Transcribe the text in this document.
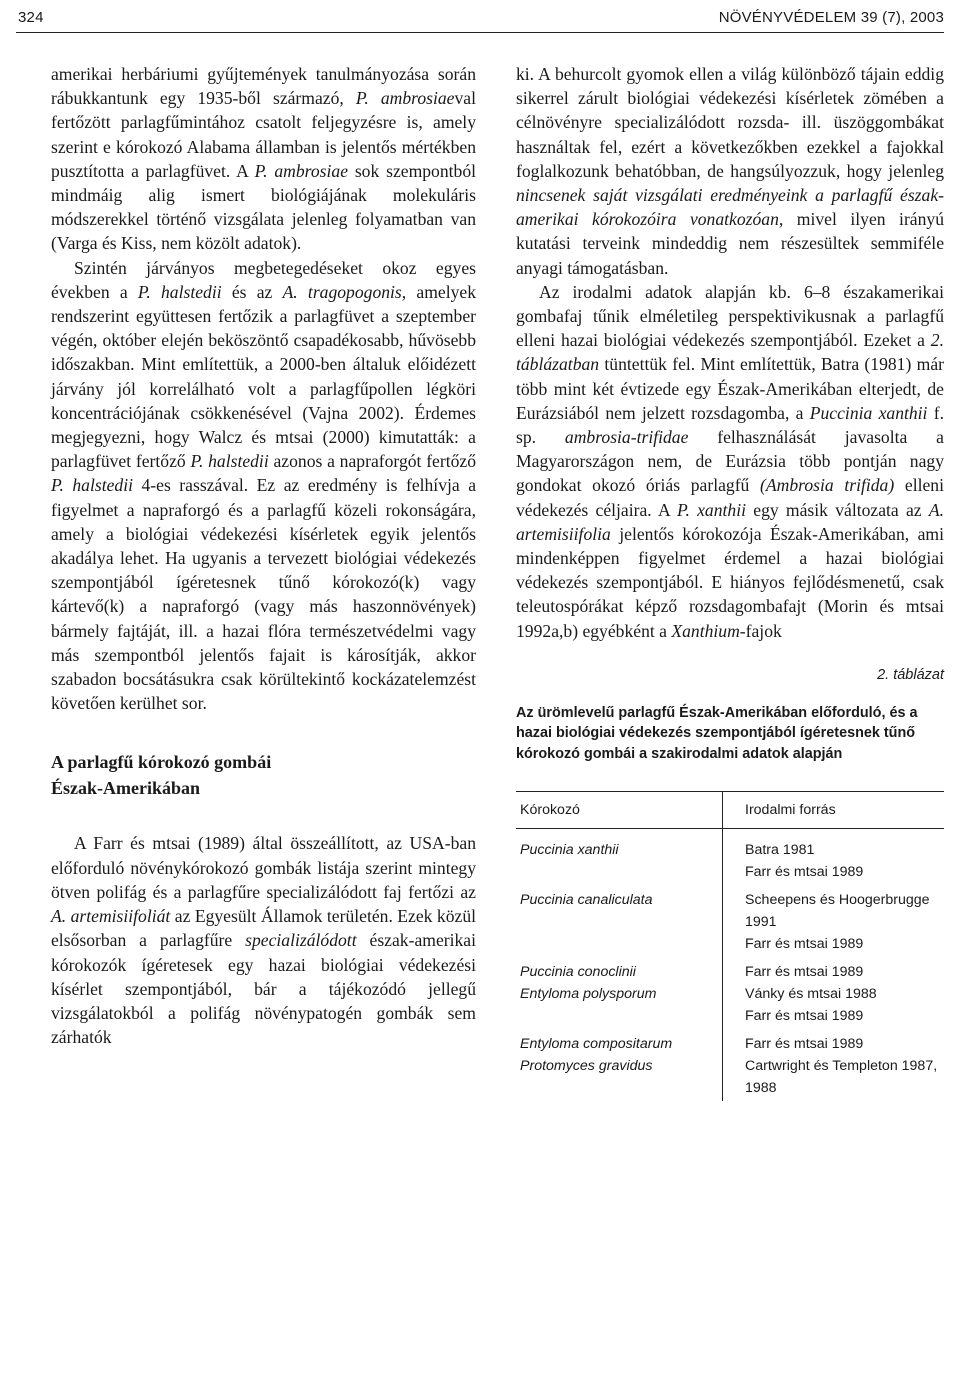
324	NÖVÉNYVÉDELEM 39 (7), 2003

amerikai herbáriumi gyűjtemények tanulmányozása során rábukkantunk egy 1935-ből származó, P. ambrosiaeval fertőzött parlagfűmintához csatolt feljegyzésre is, amely szerint e kórokozó Alabama államban is jelentős mértékben pusztította a parlagfüvet. A P. ambrosiae sok szempontból mindmáig alig ismert biológiájának molekuláris módszerekkel történő vizsgálata jelenleg folyamatban van (Varga és Kiss, nem közölt adatok).

Szintén járványos megbetegedéseket okoz egyes években a P. halstedii és az A. tragopogonis, amelyek rendszerint együttesen fertőzik a parlagfüvet a szeptember végén, október elején beköszöntő csapadékosabb, hűvösebb időszakban. Mint említettük, a 2000-ben általuk előidézett járvány jól korrelálható volt a parlagfűpollen légköri koncentrációjának csökkenésével (Vajna 2002). Érdemes megjegyezni, hogy Walcz és mtsai (2000) kimutatták: a parlagfüvet fertőző P. halstedii azonos a napraforgót fertőző P. halstedii 4-es rasszával. Ez az eredmény is felhívja a figyelmet a napraforgó és a parlagfű közeli rokonságára, amely a biológiai védekezési kísérletek egyik jelentős akadálya lehet. Ha ugyanis a tervezett biológiai védekezés szempontjából ígéretesnek tűnő kórokozó(k) vagy kártevő(k) a napraforgó (vagy más haszonnövények) bármely fajtáját, ill. a hazai flóra természetvédelmi vagy más szempontból jelentős fajait is károsítják, akkor szabadon bocsátásukra csak körültekintő kockázatelemzést követően kerülhet sor.

A parlagfű kórokozó gombái
Észak-Amerikában

A Farr és mtsai (1989) által összeállított, az USA-ban előforduló növénykórokozó gombák listája szerint mintegy ötven polifág és a parlagfűre specializálódott faj fertőzi az A. artemisiifoliát az Egyesült Államok területén. Ezek közül elsősorban a parlagfűre specializálódott észak-amerikai kórokozók ígéretesek egy hazai biológiai védekezési kísérlet szempontjából, bár a tájékozódó jellegű vizsgálatokból a polifág növénypatogén gombák sem zárhatók

ki. A behurcolt gyomok ellen a világ különböző tájain eddig sikerrel zárult biológiai védekezési kísérletek zömében a célnövényre specializálódott rozsda- ill. üszöggombákat használtak fel, ezért a következőkben ezekkel a fajokkal foglalkozunk behatóbban, de hangsúlyozzuk, hogy jelenleg nincsenek saját vizsgálati eredményeink a parlagfű észak-amerikai kórokozóira vonatkozóan, mivel ilyen irányú kutatási terveink mindeddig nem részesültek semmiféle anyagi támogatásban.

Az irodalmi adatok alapján kb. 6–8 északamerikai gombafaj tűnik elméletileg perspektivikusnak a parlagfű elleni hazai biológiai védekezés szempontjából. Ezeket a 2. táblázatban tüntettük fel. Mint említettük, Batra (1981) már több mint két évtizede egy Észak-Amerikában elterjedt, de Eurázsiából nem jelzett rozsdagomba, a Puccinia xanthii f. sp. ambrosia-trifidae felhasználását javasolta a Magyarországon nem, de Eurázsia több pontján nagy gondokat okozó óriás parlagfű (Ambrosia trifida) elleni védekezés céljaira. A P. xanthii egy másik változata az A. artemisiifolia jelentős kórokozója Észak-Amerikában, ami mindenképpen figyelmet érdemel a hazai biológiai védekezés szempontjából. E hiányos fejlődésmenetű, csak teleutospórákat képző rozsdagombafajt (Morin és mtsai 1992a,b) egyébként a Xanthium-fajok

2. táblázat

Az ürömlevelű parlagfű Észak-Amerikában előforduló, és a hazai biológiai védekezés szempontjából ígéretesnek tűnő kórokozó gombái a szakirodalmi adatok alapján

Kórokozó	Irodalmi forrás
Puccinia xanthii	Batra 1981
Farr és mtsai 1989

Puccinia canaliculata	Scheepens és Hoogerbrugge 1991
Farr és mtsai 1989

Puccinia conoclinii	Farr és mtsai 1989

Entyloma polysporum	Vánky és mtsai 1988
Farr és mtsai 1989

Entyloma compositarum	Farr és mtsai 1989

Protomyces gravidus	Cartwright és Templeton 1987, 1988
